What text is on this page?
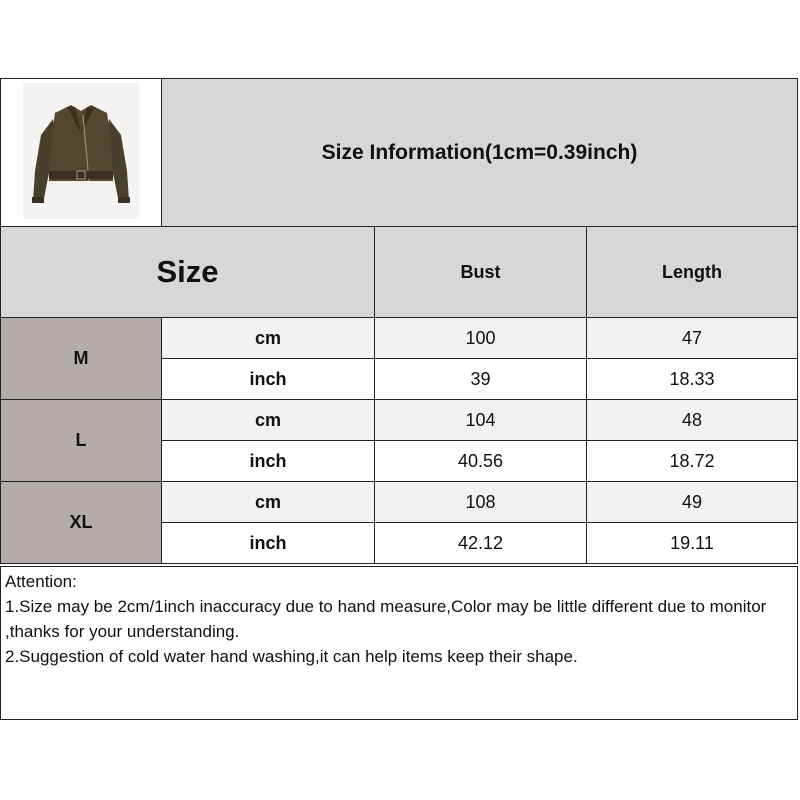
Size Information(1cm=0.39inch)
Size	Bust	Length
M
cm	100	47
inch	39	18.33
L
cm	104	48
inch	40.56	18.72
XL
cm	108	49
inch	42.12	19.11
Attention:
1.Size may be 2cm/1inch inaccuracy due to hand measure,Color may be little different due to monitor ,thanks for your understanding.
2.Suggestion of cold water hand washing,it can help items keep their shape.
